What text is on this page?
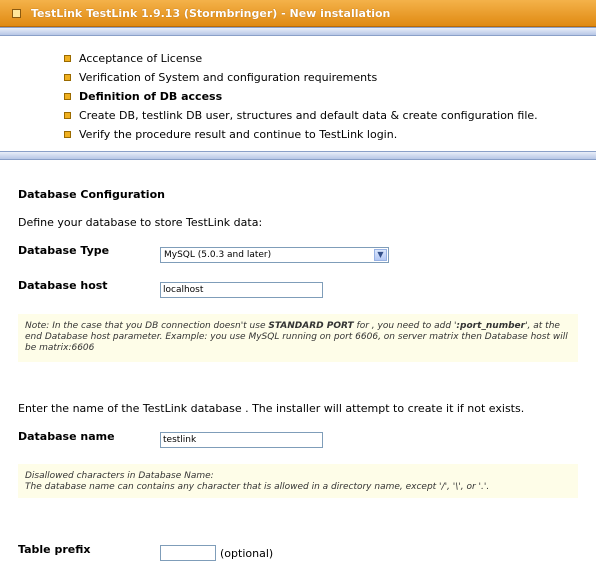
TestLink TestLink 1.9.13 (Stormbringer) - New installation
Acceptance of License
Verification of System and configuration requirements
Definition of DB access
Create DB, testlink DB user, structures and default data & create configuration file.
Verify the procedure result and continue to TestLink login.
Database Configuration
Define your database to store TestLink data:
Database Type	MySQL (5.0.3 and later)	▼
Database host	localhost
Note: In the case that you DB connection doesn't use STANDARD PORT for , you need to add ':port_number', at the end Database host parameter. Example: you use MySQL running on port 6606, on server matrix then Database host will be matrix:6606
Enter the name of the TestLink database . The installer will attempt to create it if not exists.
Database name	testlink
Disallowed characters in Database Name:
The database name can contains any character that is allowed in a directory name, except '/', '\', or '.'.
Table prefix	(optional)
